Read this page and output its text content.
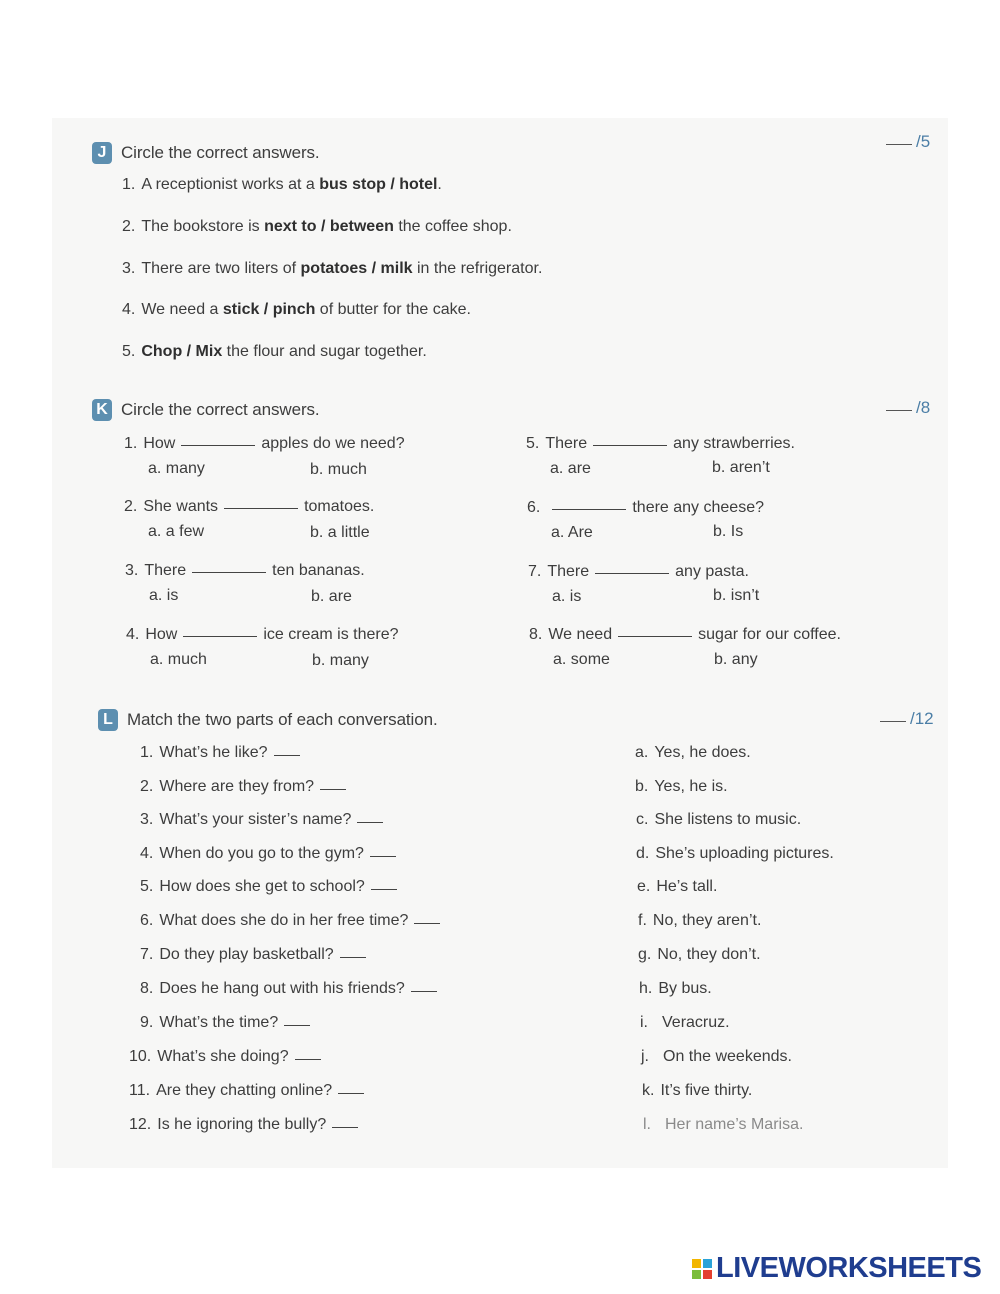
J Circle the correct answers.
/5
1. A receptionist works at a bus stop / hotel.
2. The bookstore is next to / between the coffee shop.
3. There are two liters of potatoes / milk in the refrigerator.
4. We need a stick / pinch of butter for the cake.
5. Chop / Mix the flour and sugar together.
K Circle the correct answers.	/8
1. How	apples do we need?
a. many	b. much
2. She wants	tomatoes.
a. a few	b. a little
3. There	ten bananas.
a. is	b. are
4. How	ice cream is there?
a. much	b. many
5. There	any strawberries.
a. are	b. aren’t
6.	there any cheese?
a. Are	b. Is
7. There	any pasta.
a. is	b. isn’t
8. We need	sugar for our coffee.
a. some	b. any
L Match the two parts of each conversation.	/12
1. What’s he like?
2. Where are they from?
3. What’s your sister’s name?
4. When do you go to the gym?
5. How does she get to school?
6. What does she do in her free time?
7. Do they play basketball?
8. Does he hang out with his friends?
9. What’s the time?
10. What’s she doing?
11. Are they chatting online?
12. Is he ignoring the bully?
a. Yes, he does.
b. Yes, he is.
c. She listens to music.
d. She’s uploading pictures.
e. He’s tall.
f. No, they aren’t.
g. No, they don’t.
h. By bus.
i. Veracruz.
j. On the weekends.
k. It’s five thirty.
l. Her name’s Marisa.
LIVEWORKSHEETS
